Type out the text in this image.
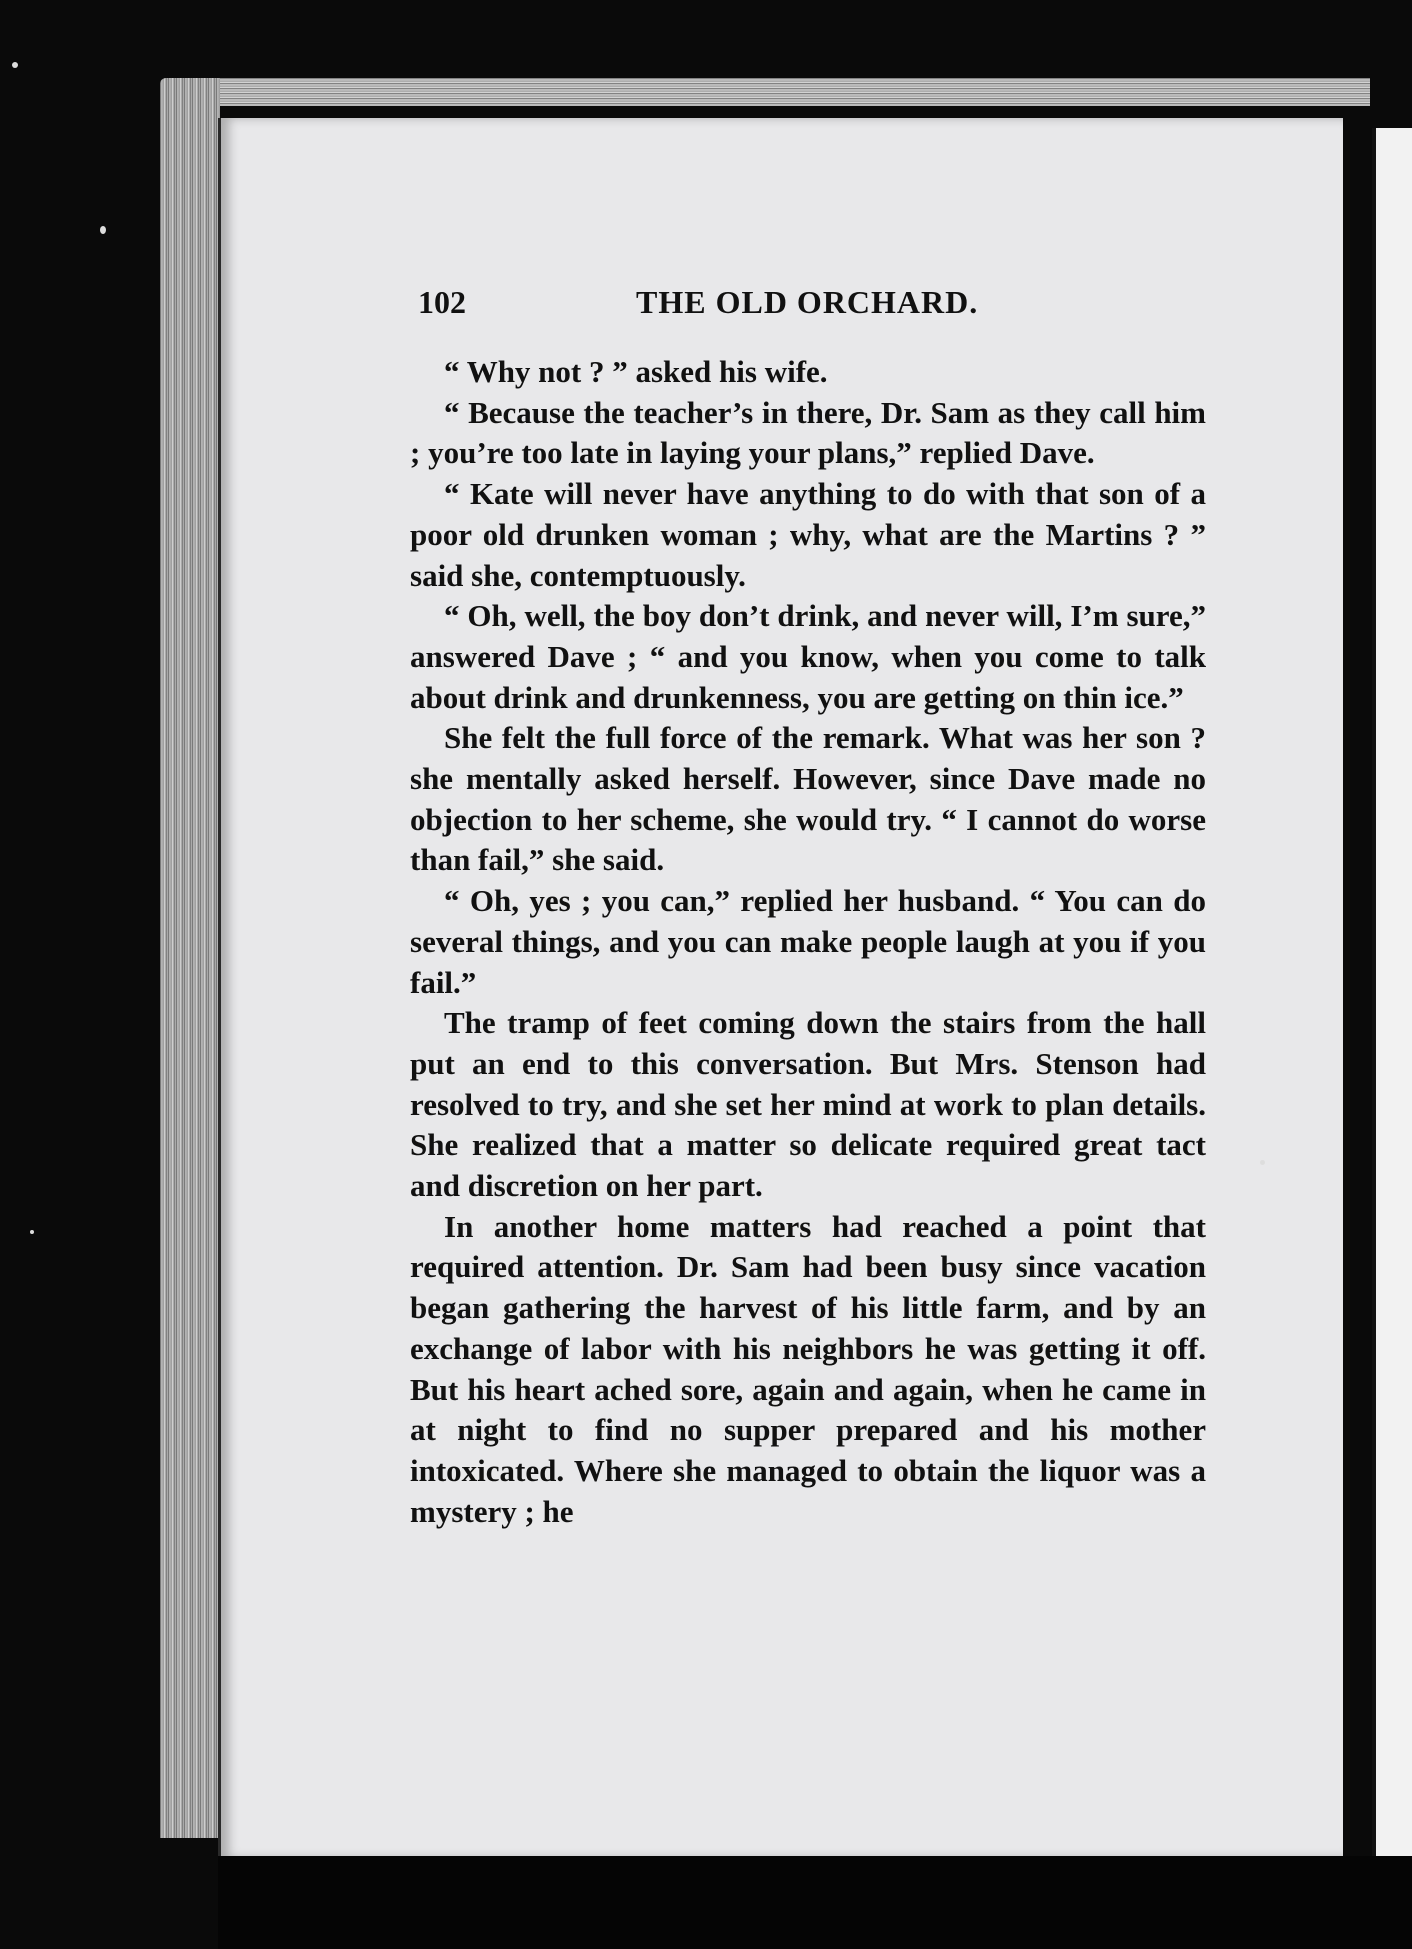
102	THE OLD ORCHARD.

“ Why not ? ” asked his wife.

“ Because the teacher’s in there, Dr. Sam as they call him ; you’re too late in laying your plans,” replied Dave.

“ Kate will never have anything to do with that son of a poor old drunken woman ; why, what are the Martins ? ” said she, contemptuously.

“ Oh, well, the boy don’t drink, and never will, I’m sure,” answered Dave ; “ and you know, when you come to talk about drink and drunkenness, you are getting on thin ice.”

She felt the full force of the remark. What was her son ? she mentally asked herself. However, since Dave made no objection to her scheme, she would try. “ I cannot do worse than fail,” she said.

“ Oh, yes ; you can,” replied her husband. “ You can do several things, and you can make people laugh at you if you fail.”

The tramp of feet coming down the stairs from the hall put an end to this conversation. But Mrs. Stenson had resolved to try, and she set her mind at work to plan details. She realized that a matter so delicate required great tact and discretion on her part.

In another home matters had reached a point that required attention. Dr. Sam had been busy since vacation began gathering the harvest of his little farm, and by an exchange of labor with his neighbors he was getting it off. But his heart ached sore, again and again, when he came in at night to find no supper prepared and his mother intoxicated. Where she managed to obtain the liquor was a mystery ; he
